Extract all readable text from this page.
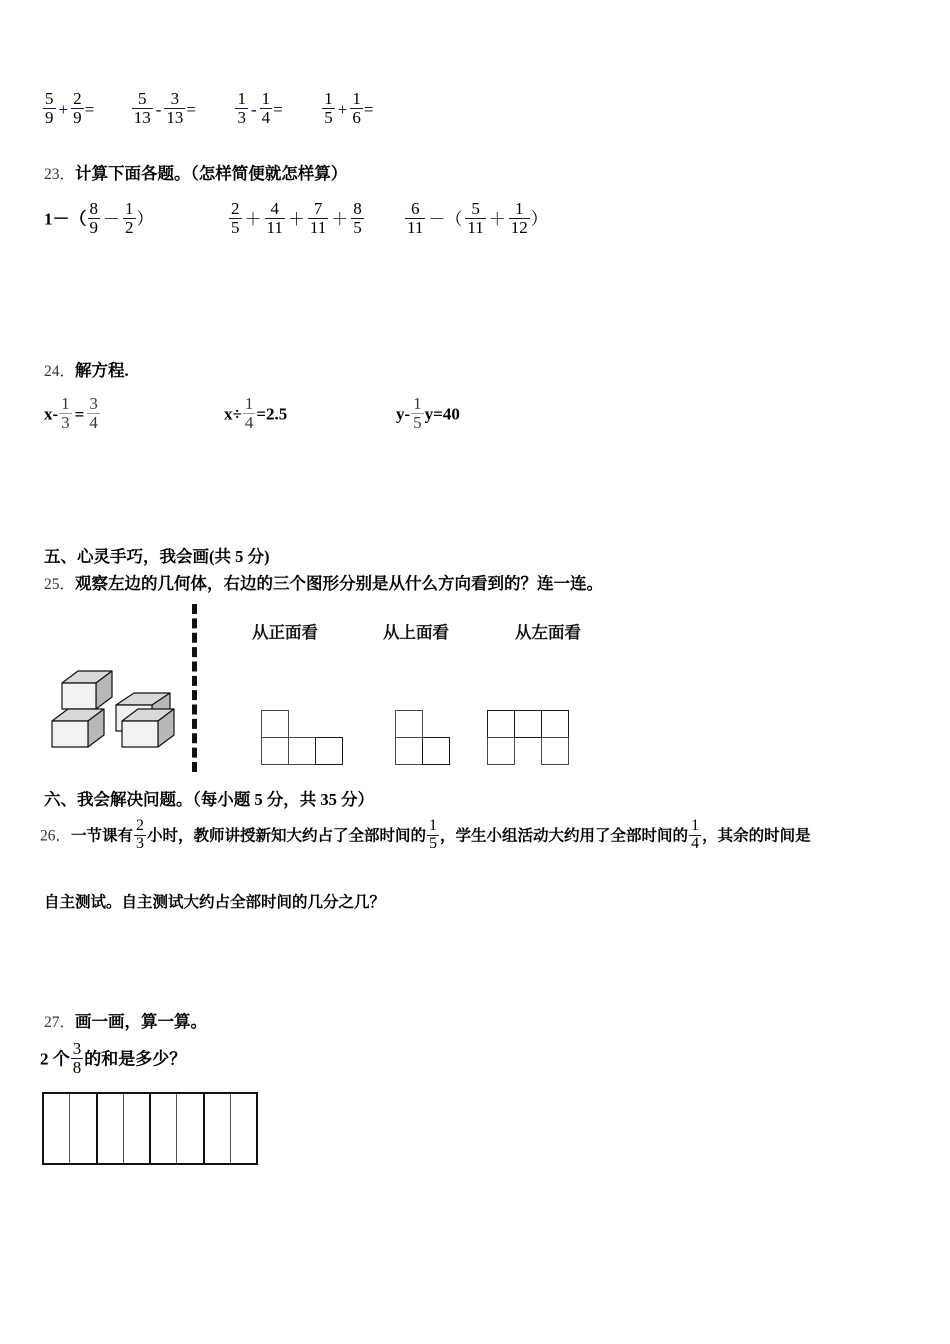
$\frac{5}{9} + \frac{2}{9} = \frac{5}{13} - \frac{3}{13} = \frac{1}{3} - \frac{1}{4} = \frac{1}{5} + \frac{1}{6}$ =
23．计算下面各题。（怎样简便就怎样算）
$1-( \frac{8}{9} - \frac{1}{2}$ ）	$\frac{2}{5} + \frac{4}{11} + \frac{7}{11} + \frac{8}{5} \frac{6}{11}$ －（ $\frac{5}{11} + \frac{1}{12}$ ）
24．解方程.
$x- \frac{1}{3} = \frac{3}{4}$	$x\div \frac{1}{4} =2.5$	$y- \frac{1}{5} y=40$
五、心灵手巧，我会画(共 5 分)
25．观察左边的几何体，右边的三个图形分别是从什么方向看到的？连一连。
从正面看	从上面看	从左面看
六、我会解决问题。（每小题 5 分，共 35 分）
26．一节课有 $\frac{2}{3}$ 小时，教师讲授新知大约占了全部时间的 $\frac{1}{5}$ ，学生小组活动大约用了全部时间的 $\frac{1}{4}$ ，其余的时间是
自主测试。自主测试大约占全部时间的几分之几？
27．画一画，算一算。
2 个 $\frac{3}{8}$ 的和是多少？
